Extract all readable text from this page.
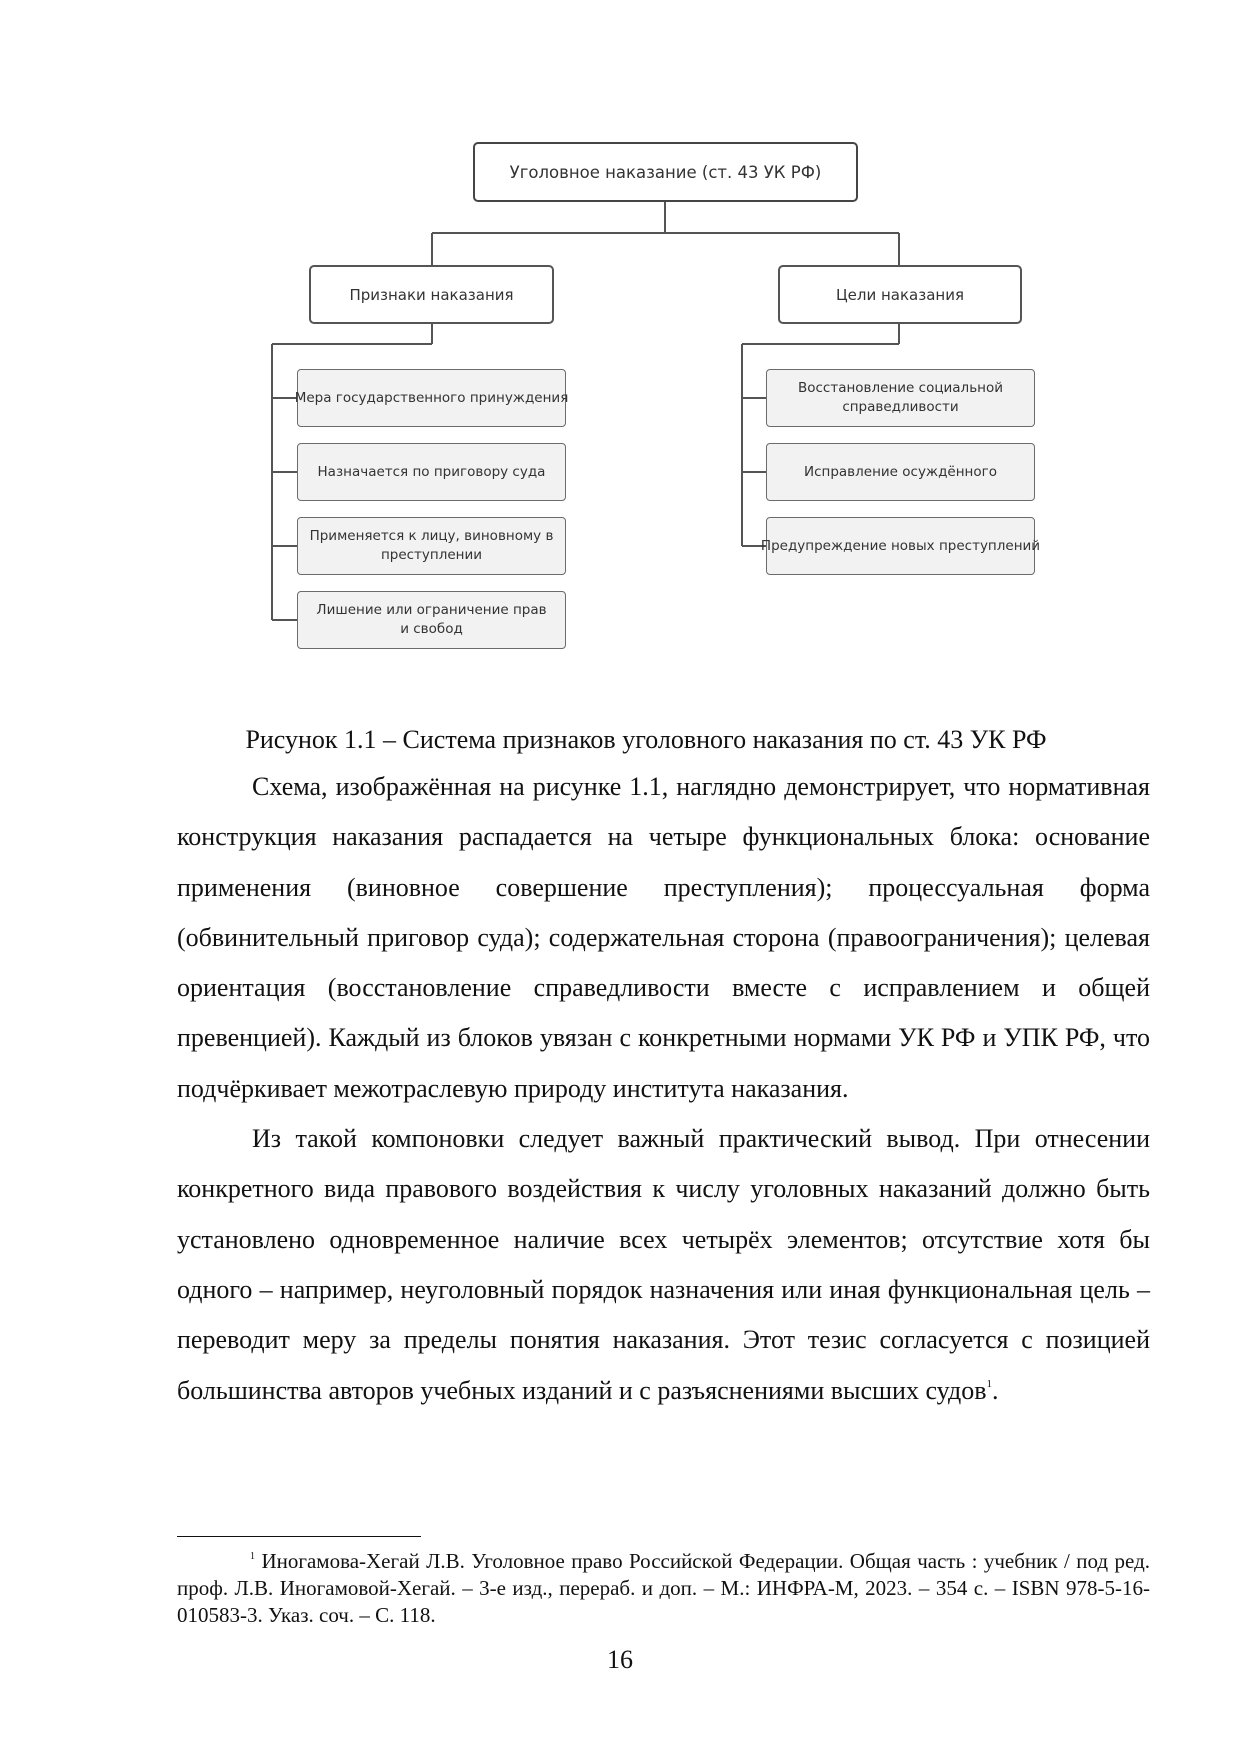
Уголовное наказание (ст. 43 УК РФ)
Признаки наказания	Цели наказания
Мера государственного принуждения
Назначается по приговору суда
Применяется к лицу, виновному в преступлении
Лишение или ограничение прав и свобод
Восстановление социальной справедливости
Исправление осуждённого
Предупреждение новых преступлений
Рисунок 1.1 – Система признаков уголовного наказания по ст. 43 УК РФ

Схема, изображённая на рисунке 1.1, наглядно демонстрирует, что нормативная конструкция наказания распадается на четыре функциональных блока: основание применения (виновное совершение преступления); процессуальная форма (обвинительный приговор суда); содержательная сторона (правоограничения); целевая ориентация (восстановление справедливости вместе с исправлением и общей превенцией). Каждый из блоков увязан с конкретными нормами УК РФ и УПК РФ, что подчёркивает межотраслевую природу института наказания.

Из такой компоновки следует важный практический вывод. При отнесении конкретного вида правового воздействия к числу уголовных наказаний должно быть установлено одновременное наличие всех четырёх элементов; отсутствие хотя бы одного – например, неуголовный порядок назначения или иная функциональная цель – переводит меру за пределы понятия наказания. Этот тезис согласуется с позицией большинства авторов учебных изданий и с разъяснениями высших судов$^1$.

$^1$ Иногамова-Хегай Л.В. Уголовное право Российской Федерации. Общая часть : учебник / под ред. проф. Л.В. Иногамовой-Хегай. – 3-е изд., перераб. и доп. – М.: ИНФРА-М, 2023. – 354 с. – ISBN 978-5-16-010583-3. Указ. соч. – С. 118.

16
